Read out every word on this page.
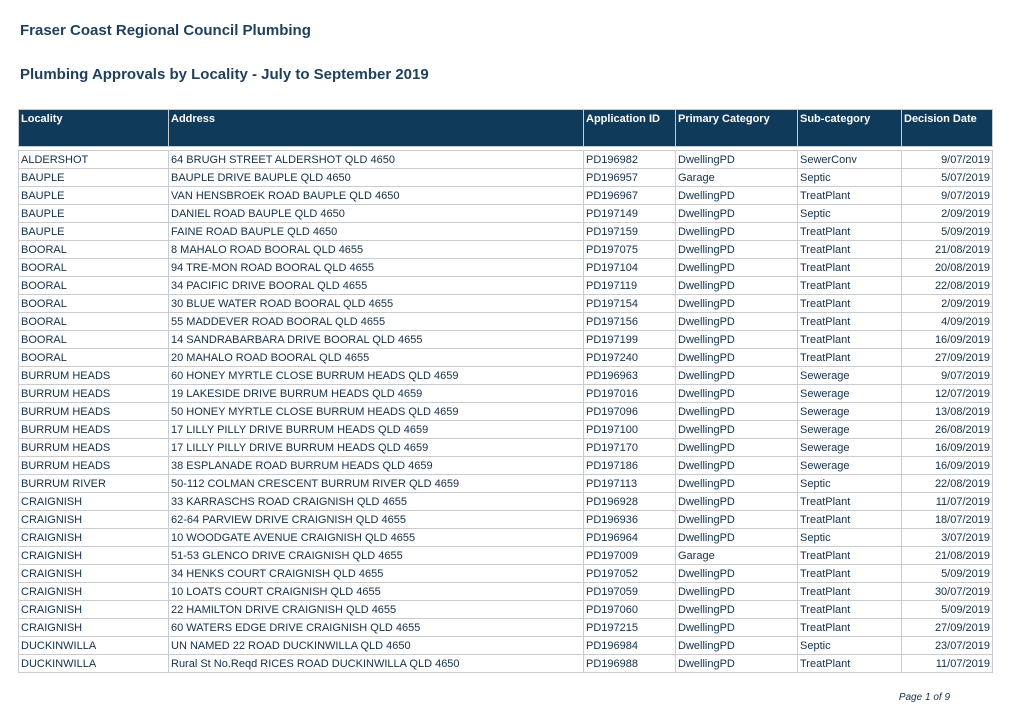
Fraser Coast Regional Council Plumbing
Plumbing Approvals by Locality - July to September 2019
Locality	Address	Application ID	Primary Category	Sub-category	Decision Date

ALDERSHOT	64 BRUGH STREET ALDERSHOT QLD 4650	PD196982	DwellingPD	SewerConv	9/07/2019
BAUPLE	BAUPLE DRIVE BAUPLE QLD 4650	PD196957	Garage	Septic	5/07/2019
BAUPLE	VAN HENSBROEK ROAD BAUPLE QLD 4650	PD196967	DwellingPD	TreatPlant	9/07/2019
BAUPLE	DANIEL ROAD BAUPLE QLD 4650	PD197149	DwellingPD	Septic	2/09/2019
BAUPLE	FAINE ROAD BAUPLE QLD 4650	PD197159	DwellingPD	TreatPlant	5/09/2019
BOORAL	8 MAHALO ROAD BOORAL QLD 4655	PD197075	DwellingPD	TreatPlant	21/08/2019
BOORAL	94 TRE-MON ROAD BOORAL QLD 4655	PD197104	DwellingPD	TreatPlant	20/08/2019
BOORAL	34 PACIFIC DRIVE BOORAL QLD 4655	PD197119	DwellingPD	TreatPlant	22/08/2019
BOORAL	30 BLUE WATER ROAD BOORAL QLD 4655	PD197154	DwellingPD	TreatPlant	2/09/2019
BOORAL	55 MADDEVER ROAD BOORAL QLD 4655	PD197156	DwellingPD	TreatPlant	4/09/2019
BOORAL	14 SANDRABARBARA DRIVE BOORAL QLD 4655	PD197199	DwellingPD	TreatPlant	16/09/2019
BOORAL	20 MAHALO ROAD BOORAL QLD 4655	PD197240	DwellingPD	TreatPlant	27/09/2019
BURRUM HEADS	60 HONEY MYRTLE CLOSE BURRUM HEADS QLD 4659	PD196963	DwellingPD	Sewerage	9/07/2019
BURRUM HEADS	19 LAKESIDE DRIVE BURRUM HEADS QLD 4659	PD197016	DwellingPD	Sewerage	12/07/2019
BURRUM HEADS	50 HONEY MYRTLE CLOSE BURRUM HEADS QLD 4659	PD197096	DwellingPD	Sewerage	13/08/2019
BURRUM HEADS	17 LILLY PILLY DRIVE BURRUM HEADS QLD 4659	PD197100	DwellingPD	Sewerage	26/08/2019
BURRUM HEADS	17 LILLY PILLY DRIVE BURRUM HEADS QLD 4659	PD197170	DwellingPD	Sewerage	16/09/2019
BURRUM HEADS	38 ESPLANADE ROAD BURRUM HEADS QLD 4659	PD197186	DwellingPD	Sewerage	16/09/2019
BURRUM RIVER	50-112 COLMAN CRESCENT BURRUM RIVER QLD 4659	PD197113	DwellingPD	Septic	22/08/2019
CRAIGNISH	33 KARRASCHS ROAD CRAIGNISH QLD 4655	PD196928	DwellingPD	TreatPlant	11/07/2019
CRAIGNISH	62-64 PARVIEW DRIVE CRAIGNISH QLD 4655	PD196936	DwellingPD	TreatPlant	18/07/2019
CRAIGNISH	10 WOODGATE AVENUE CRAIGNISH QLD 4655	PD196964	DwellingPD	Septic	3/07/2019
CRAIGNISH	51-53 GLENCO DRIVE CRAIGNISH QLD 4655	PD197009	Garage	TreatPlant	21/08/2019
CRAIGNISH	34 HENKS COURT CRAIGNISH QLD 4655	PD197052	DwellingPD	TreatPlant	5/09/2019
CRAIGNISH	10 LOATS COURT CRAIGNISH QLD 4655	PD197059	DwellingPD	TreatPlant	30/07/2019
CRAIGNISH	22 HAMILTON DRIVE CRAIGNISH QLD 4655	PD197060	DwellingPD	TreatPlant	5/09/2019
CRAIGNISH	60 WATERS EDGE DRIVE CRAIGNISH QLD 4655	PD197215	DwellingPD	TreatPlant	27/09/2019
DUCKINWILLA	UN NAMED 22 ROAD DUCKINWILLA QLD 4650	PD196984	DwellingPD	Septic	23/07/2019
DUCKINWILLA	Rural St No.Reqd RICES ROAD DUCKINWILLA QLD 4650	PD196988	DwellingPD	TreatPlant	11/07/2019
Page 1 of 9
